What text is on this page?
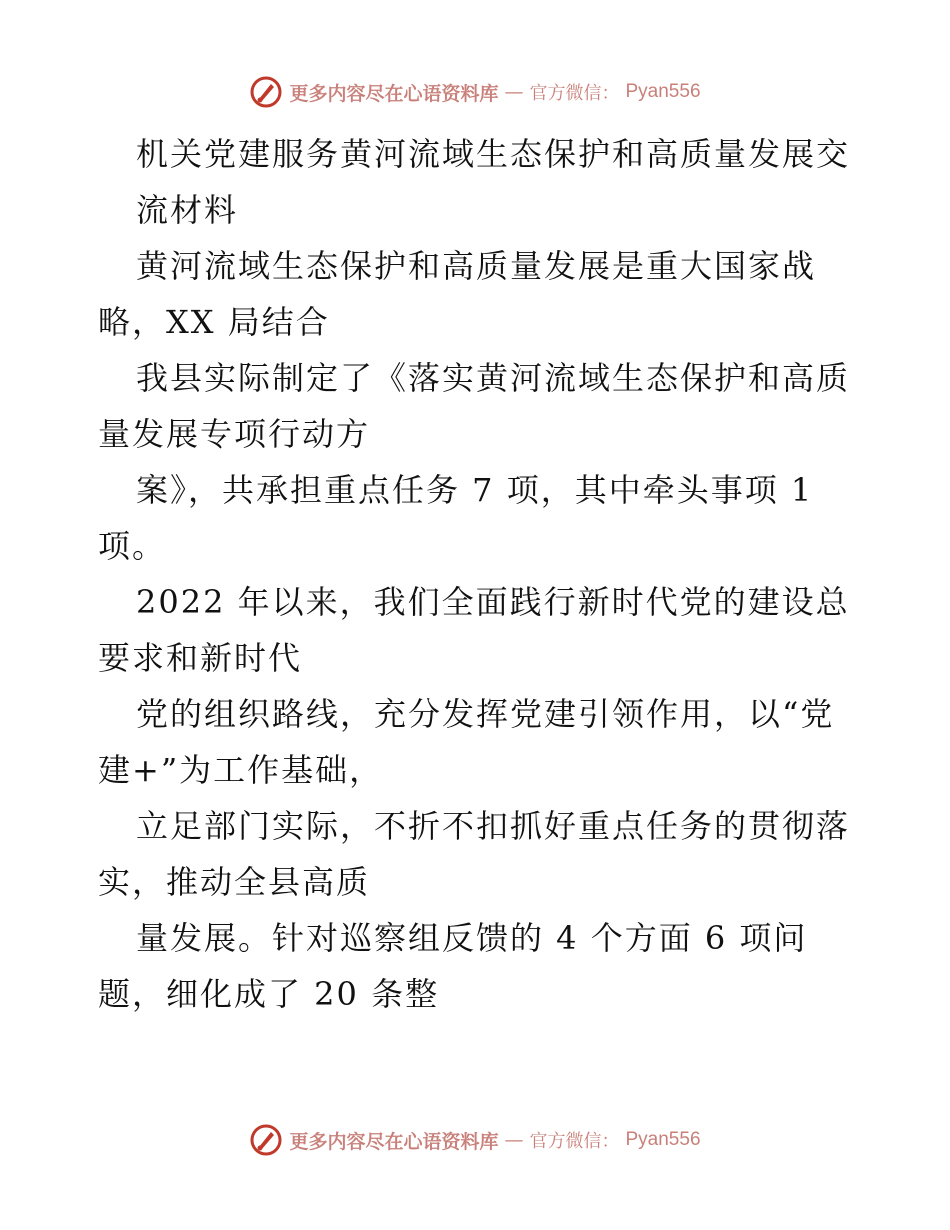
更多内容尽在心语资料库 — 官方微信： Pyan556
机关党建服务黄河流域生态保护和高质量发展交
流材料
黄河流域生态保护和高质量发展是重大国家战
略，XX 局结合
我县实际制定了《落实黄河流域生态保护和高质
量发展专项行动方
案》，共承担重点任务 7 项，其中牵头事项 1
项。
2022 年以来，我们全面践行新时代党的建设总
要求和新时代
党的组织路线，充分发挥党建引领作用，以“党
建+”为工作基础，
立足部门实际，不折不扣抓好重点任务的贯彻落
实，推动全县高质
量发展。针对巡察组反馈的 4 个方面 6 项问
题，细化成了 20 条整
更多内容尽在心语资料库 — 官方微信： Pyan556
